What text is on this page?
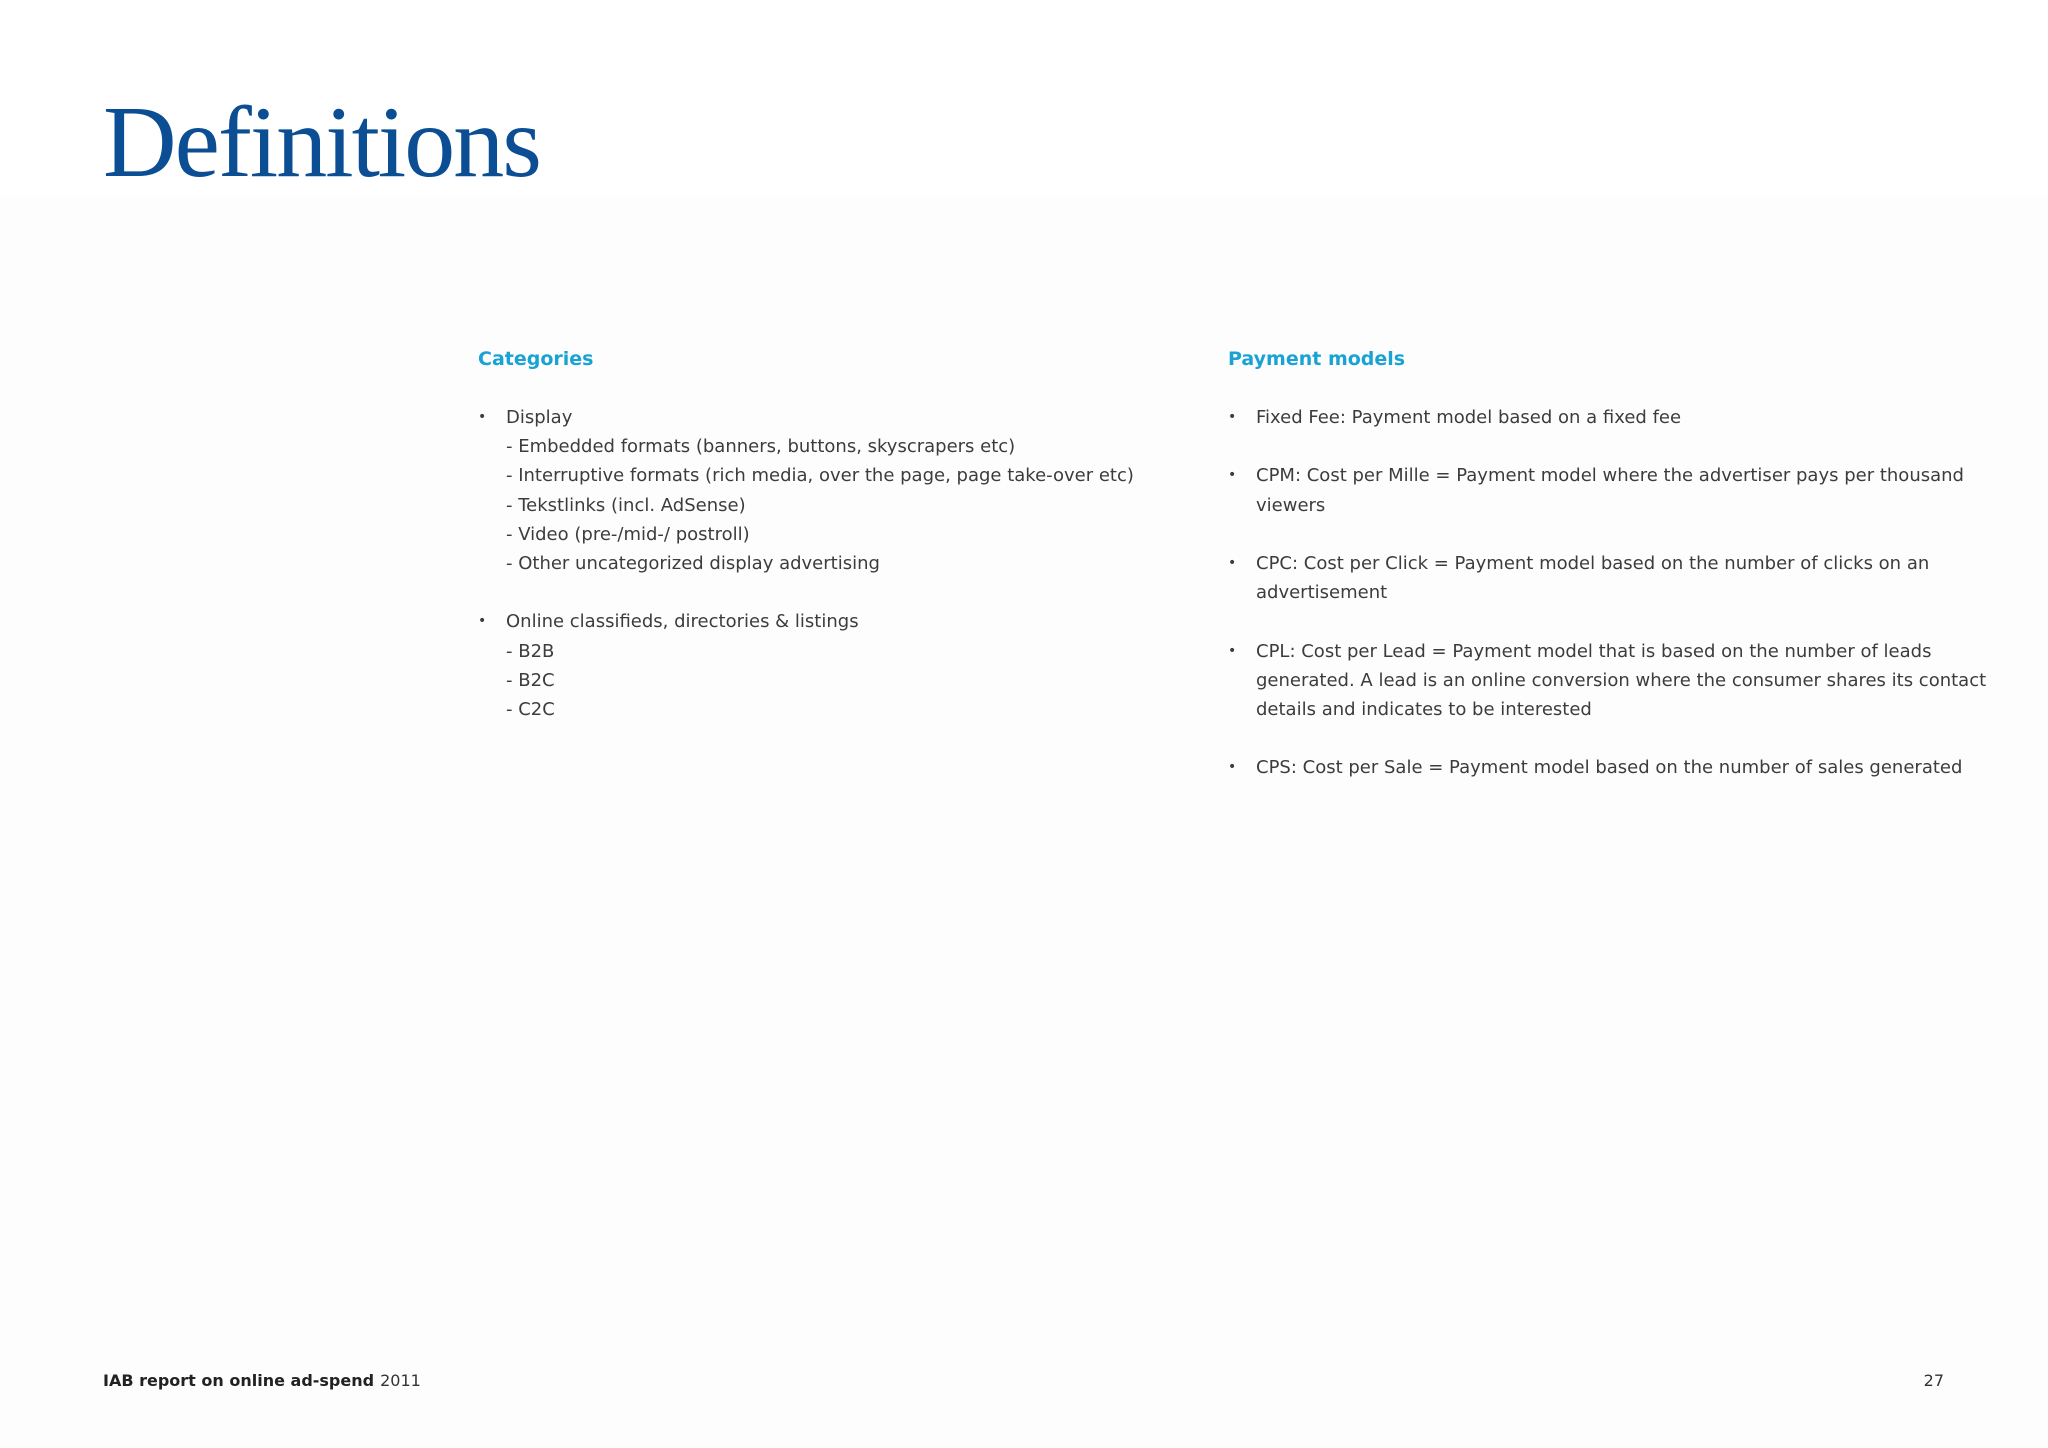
Definitions
Categories
• Display
- Embedded formats (banners, buttons, skyscrapers etc)
- Interruptive formats (rich media, over the page, page take-over etc)
- Tekstlinks (incl. AdSense)
- Video (pre-/mid-/ postroll)
- Other uncategorized display advertising
• Online classifieds, directories & listings
- B2B
- B2C
- C2C
Payment models
• Fixed Fee: Payment model based on a fixed fee
• CPM: Cost per Mille = Payment model where the advertiser pays per thousand viewers
• CPC: Cost per Click = Payment model based on the number of clicks on an advertisement
• CPL: Cost per Lead = Payment model that is based on the number of leads generated. A lead is an online conversion where the consumer shares its contact details and indicates to be interested
• CPS: Cost per Sale = Payment model based on the number of sales generated
IAB report on online ad-spend 2011	27
